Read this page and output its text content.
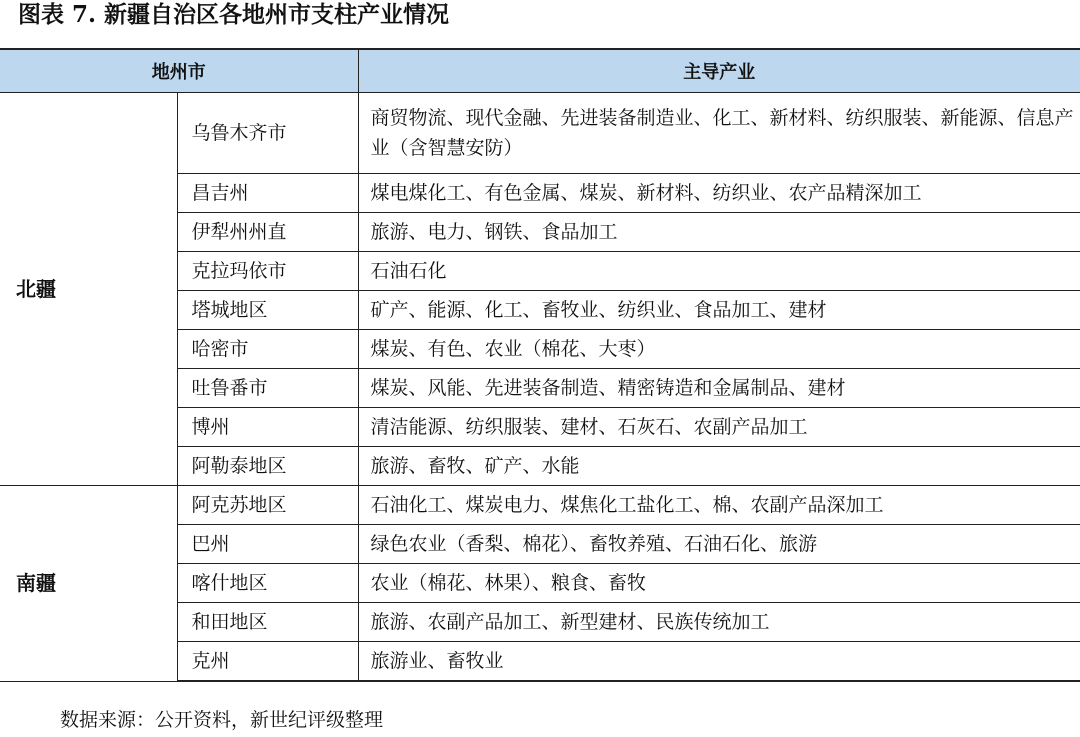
图表 7. 新疆自治区各地州市支柱产业情况
地州市		主导产业
北疆	乌鲁木齐市	商贸物流、现代金融、先进装备制造业、化工、新材料、纺织服装、新能源、信息产业（含智慧安防）
	昌吉州	煤电煤化工、有色金属、煤炭、新材料、纺织业、农产品精深加工
	伊犁州州直	旅游、电力、钢铁、食品加工
	克拉玛依市	石油石化
	塔城地区	矿产、能源、化工、畜牧业、纺织业、食品加工、建材
	哈密市	煤炭、有色、农业（棉花、大枣）
	吐鲁番市	煤炭、风能、先进装备制造、精密铸造和金属制品、建材
	博州	清洁能源、纺织服装、建材、石灰石、农副产品加工
	阿勒泰地区	旅游、畜牧、矿产、水能
南疆	阿克苏地区	石油化工、煤炭电力、煤焦化工盐化工、棉、农副产品深加工
	巴州	绿色农业（香梨、棉花）、畜牧养殖、石油石化、旅游
	喀什地区	农业（棉花、林果）、粮食、畜牧
	和田地区	旅游、农副产品加工、新型建材、民族传统加工
	克州	旅游业、畜牧业
数据来源：公开资料，新世纪评级整理
